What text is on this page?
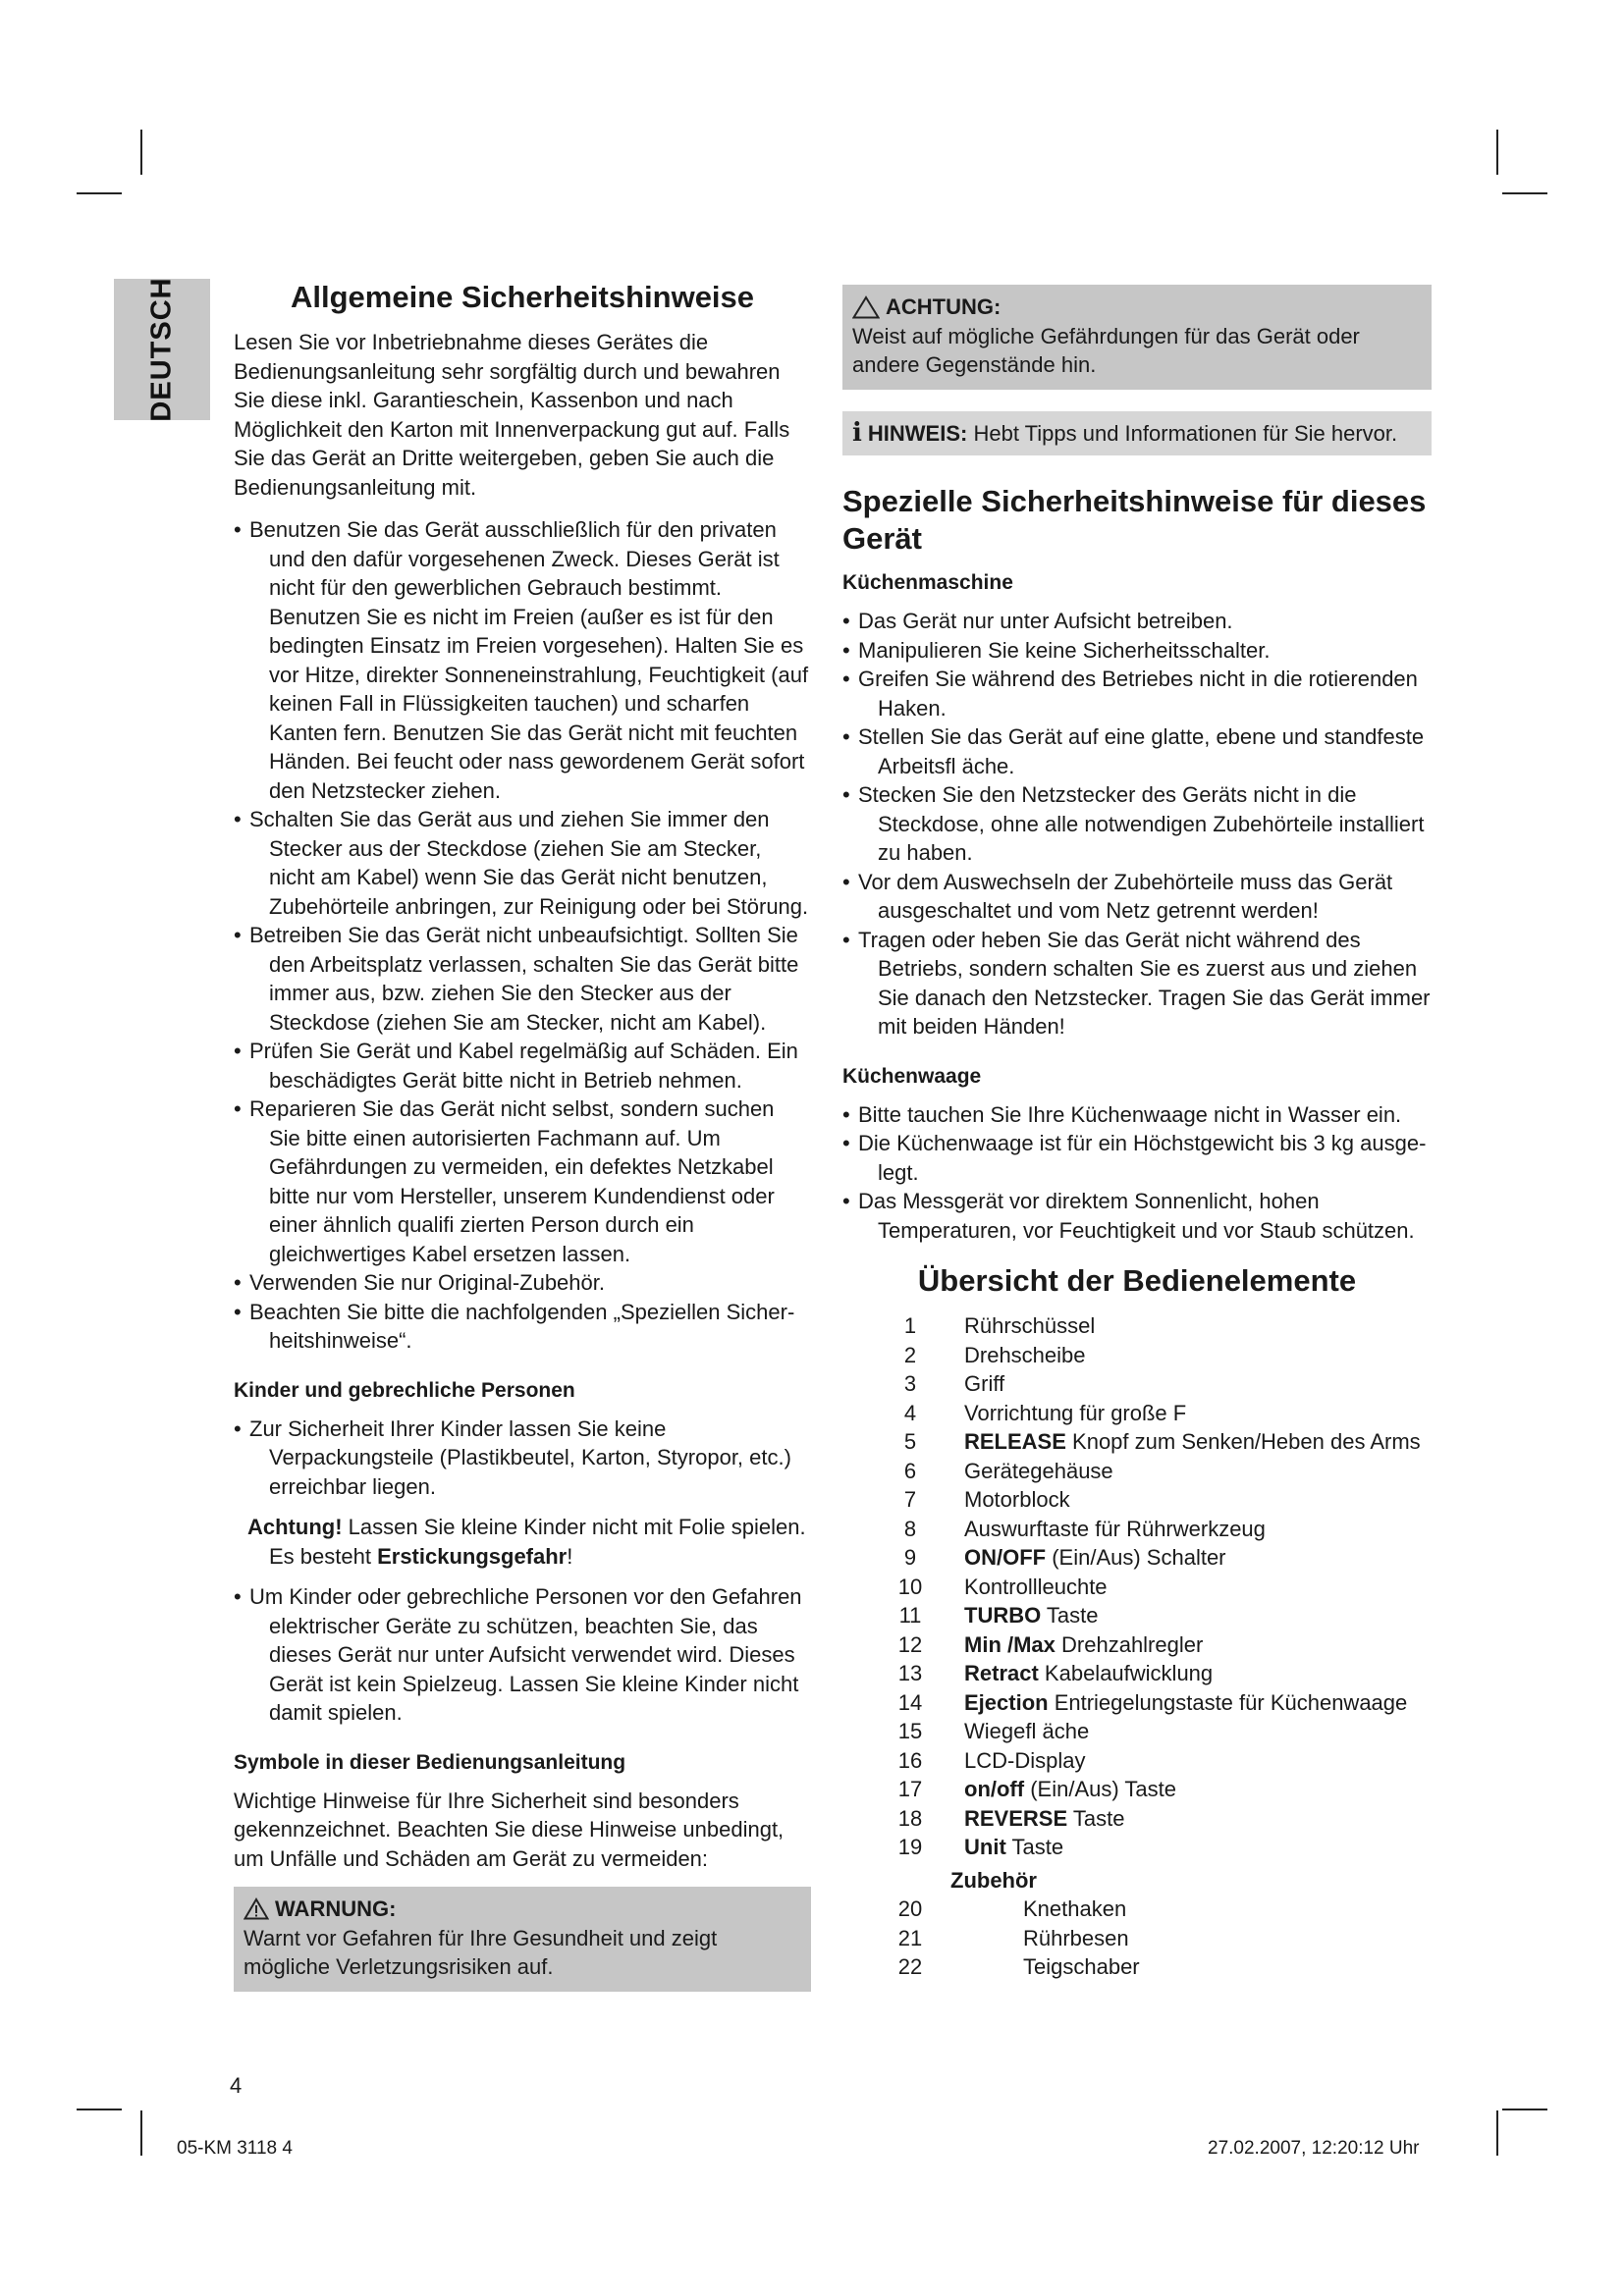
DEUTSCH	Allgemeine Sicherheitshinweise

Lesen Sie vor Inbetriebnahme dieses Gerätes die Bedienungsanleitung sehr sorgfältig durch und bewahren Sie diese inkl. Garantieschein, Kassenbon und nach Möglichkeit den Karton mit Innenverpackung gut auf. Falls Sie das Gerät an Dritte weitergeben, geben Sie auch die Bedienungsanleitung mit.

• Benutzen Sie das Gerät ausschließlich für den privaten und den dafür vorgesehenen Zweck. Dieses Gerät ist nicht für den gewerblichen Gebrauch bestimmt. Benutzen Sie es nicht im Freien (außer es ist für den bedingten Einsatz im Freien vorgesehen). Halten Sie es vor Hitze, direkter Sonneneinstrahlung, Feuchtigkeit (auf keinen Fall in Flüssigkeiten tauchen) und scharfen Kanten fern. Benutzen Sie das Gerät nicht mit feuchten Händen. Bei feucht oder nass gewordenem Gerät sofort den Netzstecker ziehen.
• Schalten Sie das Gerät aus und ziehen Sie immer den Stecker aus der Steckdose (ziehen Sie am Stecker, nicht am Kabel) wenn Sie das Gerät nicht benutzen, Zubehörteile anbringen, zur Reinigung oder bei Störung.
• Betreiben Sie das Gerät nicht unbeaufsichtigt. Sollten Sie den Arbeitsplatz verlassen, schalten Sie das Gerät bitte immer aus, bzw. ziehen Sie den Stecker aus der Steckdose (ziehen Sie am Stecker, nicht am Kabel).
• Prüfen Sie Gerät und Kabel regelmäßig auf Schäden. Ein beschädigtes Gerät bitte nicht in Betrieb nehmen.
• Reparieren Sie das Gerät nicht selbst, sondern suchen Sie bitte einen autorisierten Fachmann auf. Um Gefährdungen zu vermeiden, ein defektes Netzkabel bitte nur vom Hersteller, unserem Kundendienst oder einer ähnlich qualifi zierten Person durch ein gleichwertiges Kabel ersetzen lassen.
• Verwenden Sie nur Original-Zubehör.
• Beachten Sie bitte die nachfolgenden „Speziellen Sicherheitshinweise“.
Kinder und gebrechliche Personen
• Zur Sicherheit Ihrer Kinder lassen Sie keine Verpackungsteile (Plastikbeutel, Karton, Styropor, etc.) erreichbar liegen.

Achtung! Lassen Sie kleine Kinder nicht mit Folie spielen. Es besteht Erstickungsgefahr!

• Um Kinder oder gebrechliche Personen vor den Gefahren elektrischer Geräte zu schützen, beachten Sie, das dieses Gerät nur unter Aufsicht verwendet wird. Dieses Gerät ist kein Spielzeug. Lassen Sie kleine Kinder nicht damit spielen.
Symbole in dieser Bedienungsanleitung

Wichtige Hinweise für Ihre Sicherheit sind besonders gekennzeichnet. Beachten Sie diese Hinweise unbedingt, um Unfälle und Schäden am Gerät zu vermeiden:

WARNUNG:
Warnt vor Gefahren für Ihre Gesundheit und zeigt mögliche Verletzungsrisiken auf.
ACHTUNG:
Weist auf mögliche Gefährdungen für das Gerät oder andere Gegenstände hin.
i HINWEIS: Hebt Tipps und Informationen für Sie hervor.
Spezielle Sicherheitshinweise für dieses Gerät
Küchenmaschine
• Das Gerät nur unter Aufsicht betreiben.
• Manipulieren Sie keine Sicherheitsschalter.
• Greifen Sie während des Betriebes nicht in die rotierenden Haken.
• Stellen Sie das Gerät auf eine glatte, ebene und standfeste Arbeitsfl äche.
• Stecken Sie den Netzstecker des Geräts nicht in die Steckdose, ohne alle notwendigen Zubehörteile installiert zu haben.
• Vor dem Auswechseln der Zubehörteile muss das Gerät ausgeschaltet und vom Netz getrennt werden!
• Tragen oder heben Sie das Gerät nicht während des Betriebs, sondern schalten Sie es zuerst aus und ziehen Sie danach den Netzstecker. Tragen Sie das Gerät immer mit beiden Händen!
Küchenwaage
• Bitte tauchen Sie Ihre Küchenwaage nicht in Wasser ein.
• Die Küchenwaage ist für ein Höchstgewicht bis 3 kg ausgelegt.
• Das Messgerät vor direktem Sonnenlicht, hohen Temperaturen, vor Feuchtigkeit und vor Staub schützen.
Übersicht der Bedienelemente
1	Rührschüssel
2	Drehscheibe
3	Griff
4	Vorrichtung für große F
5	RELEASE Knopf zum Senken/Heben des Arms
6	Gerätegehäuse
7	Motorblock
8	Auswurftaste für Rührwerkzeug
9	ON/OFF (Ein/Aus) Schalter
10	Kontrollleuchte
11	TURBO Taste
12	Min /Max Drehzahlregler
13	Retract Kabelaufwicklung
14	Ejection Entriegelungstaste für Küchenwaage
15	Wiegefl äche
16	LCD-Display
17	on/off (Ein/Aus) Taste
18	REVERSE Taste
19	Unit Taste
Zubehör
20	Knethaken
21	Rührbesen
22	Teigschaber
4
05-KM 3118 4	27.02.2007, 12:20:12 Uhr
